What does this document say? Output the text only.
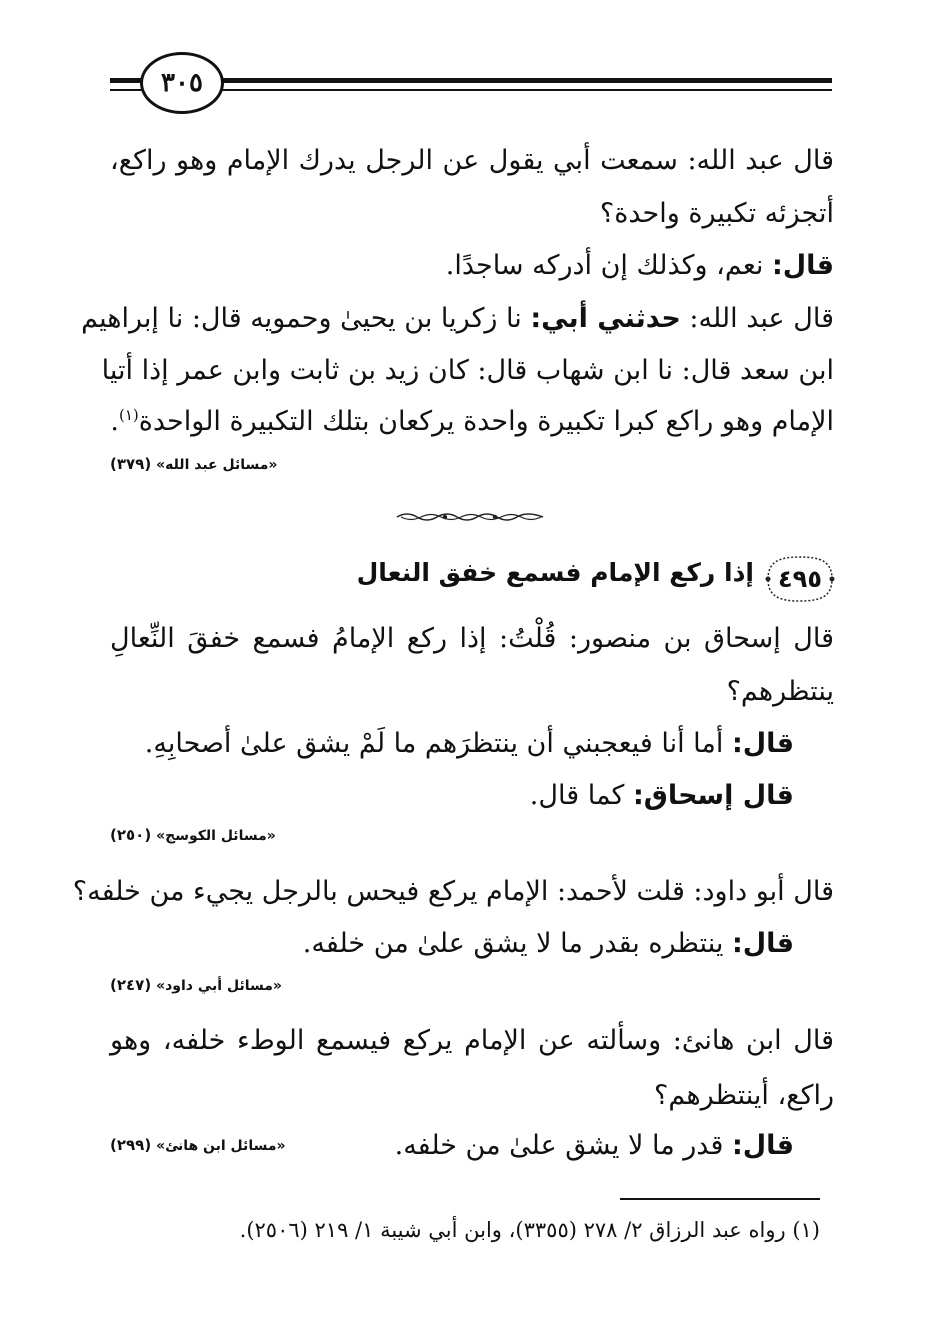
٣٠٥
قال عبد الله: سمعت أبي يقول عن الرجل يدرك الإمام وهو راكع،
أتجزئه تكبيرة واحدة؟
قال: نعم، وكذلك إن أدركه ساجدًا.
قال عبد الله: حدثني أبي: نا زكريا بن يحيىٰ وحمويه قال: نا إبراهيم
ابن سعد قال: نا ابن شهاب قال: كان زيد بن ثابت وابن عمر إذا أتيا
الإمام وهو راكع كبرا تكبيرة واحدة يركعان بتلك التكبيرة الواحدة$^{(١)}$.
«مسائل عبد الله» (٣٧٩)
٤٩٥
إذا ركع الإمام فسمع خفق النعال
قال إسحاق بن منصور: قُلْتُ: إذا ركع الإمامُ فسمع خفقَ النِّعالِ
ينتظرهم؟
قال: أما أنا فيعجبني أن ينتظرَهم ما لَمْ يشق علىٰ أصحابِهِ.
قال إسحاق: كما قال.
«مسائل الكوسج» (٢٥٠)
قال أبو داود: قلت لأحمد: الإمام يركع فيحس بالرجل يجيء من خلفه؟
قال: ينتظره بقدر ما لا يشق علىٰ من خلفه.
«مسائل أبي داود» (٢٤٧)
قال ابن هانئ: وسألته عن الإمام يركع فيسمع الوطء خلفه، وهو
راكع، أينتظرهم؟
قال: قدر ما لا يشق علىٰ من خلفه.
«مسائل ابن هانئ» (٢٩٩)
(١) رواه عبد الرزاق ٢/ ٢٧٨ (٣٣٥٥)، وابن أبي شيبة ١/ ٢١٩ (٢٥٠٦).
